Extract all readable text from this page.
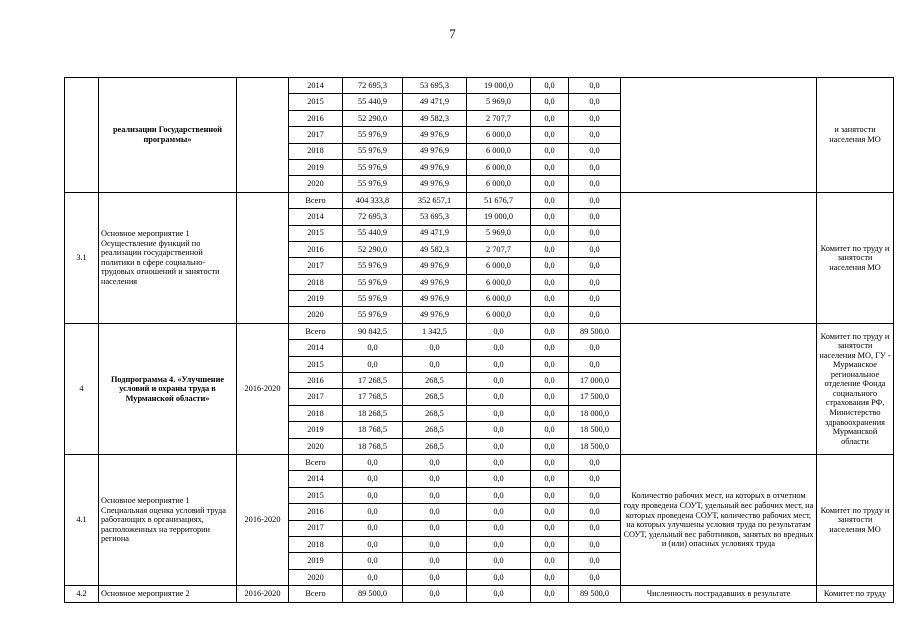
7
	реализации Государственной программы»		2014	72 695,3	53 695,3	19 000,0	0,0	0,0		и занятости населения МО
			2015	55 440,9	49 471,9	5 969,0	0,0	0,0		
			2016	52 290,0	49 582,3	2 707,7	0,0	0,0		
			2017	55 976,9	49 976,9	6 000,0	0,0	0,0		
			2018	55 976,9	49 976,9	6 000,0	0,0	0,0		
			2019	55 976,9	49 976,9	6 000,0	0,0	0,0		
			2020	55 976,9	49 976,9	6 000,0	0,0	0,0		
3.1	Основное мероприятие 1 Осуществление функций по реализации государственной политики в сфере социально-трудовых отношений и занятости населения		Всего	404 333,8	352 657,1	51 676,7	0,0	0,0		Комитет по труду и занятости населения МО
			2014	72 695,3	53 695,3	19 000,0	0,0	0,0		
			2015	55 440,9	49 471,9	5 969,0	0,0	0,0		
			2016	52 290,0	49 582,3	2 707,7	0,0	0,0		
			2017	55 976,9	49 976,9	6 000,0	0,0	0,0		
			2018	55 976,9	49 976,9	6 000,0	0,0	0,0		
			2019	55 976,9	49 976,9	6 000,0	0,0	0,0		
			2020	55 976,9	49 976,9	6 000,0	0,0	0,0		
4	Подпрограмма 4. «Улучшение условий и охраны труда в Мурманской области»	2016-2020	Всего	90 842,5	1 342,5	0,0	0,0	89 500,0		Комитет по труду и занятости населения МО, ГУ - Мурманское региональное отделение Фонда социального страхования РФ, Министерство здравоохранения Мурманской области
			2014	0,0	0,0	0,0	0,0	0,0		
			2015	0,0	0,0	0,0	0,0	0,0		
			2016	17 268,5	268,5	0,0	0,0	17 000,0		
			2017	17 768,5	268,5	0,0	0,0	17 500,0		
			2018	18 268,5	268,5	0,0	0,0	18 000,0		
			2019	18 768,5	268,5	0,0	0,0	18 500,0		
			2020	18 768,5	268,5	0,0	0,0	18 500,0		
4.1	Основное мероприятие 1 Специальная оценка условий труда работающих в организациях, расположенных на территории региона	2016-2020	Всего	0,0	0,0	0,0	0,0	0,0	Количество рабочих мест, на которых в отчетном году проведена СОУТ, удельный вес рабочих мест, на которых проведена СОУТ, количество рабочих мест, на которых улучшены условия труда по результатам СОУТ, удельный вес работников, занятых во вредных и (или) опасных условиях труда	Комитет по труду и занятости населения МО
			2014	0,0	0,0	0,0	0,0	0,0		
			2015	0,0	0,0	0,0	0,0	0,0		
			2016	0,0	0,0	0,0	0,0	0,0		
			2017	0,0	0,0	0,0	0,0	0,0		
			2018	0,0	0,0	0,0	0,0	0,0		
			2019	0,0	0,0	0,0	0,0	0,0		
			2020	0,0	0,0	0,0	0,0	0,0		
4.2	Основное мероприятие 2	2016-2020	Всего	89 500,0	0,0	0,0	0,0	89 500,0	Численность пострадавших в результате	Комитет по труду
